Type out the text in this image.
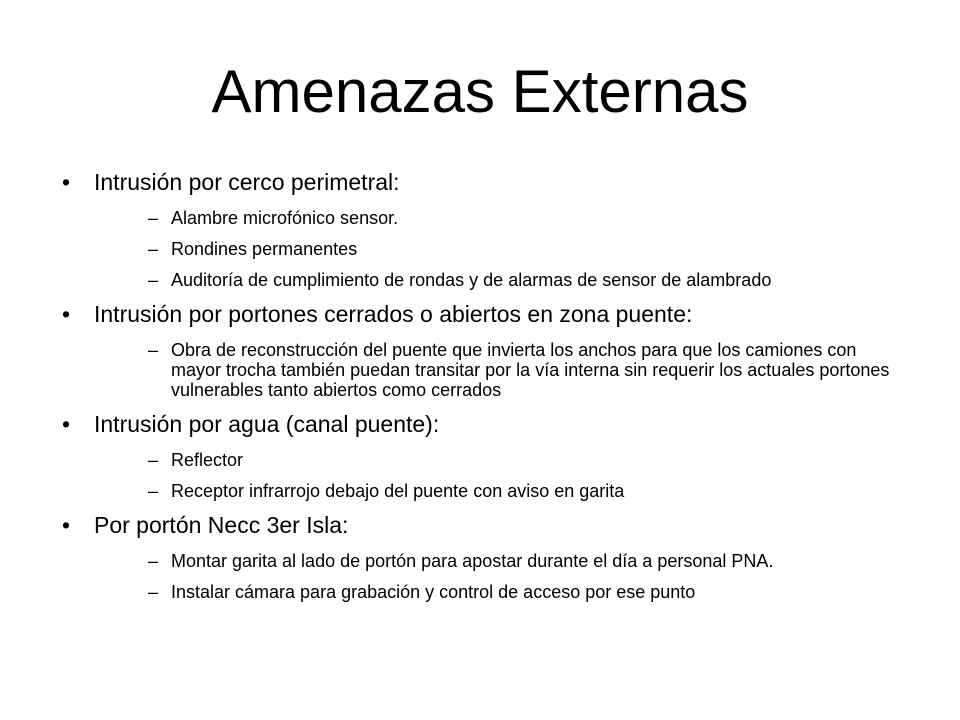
Amenazas Externas
• Intrusión por cerco perimetral:
– Alambre microfónico sensor.
– Rondines permanentes
– Auditoría de cumplimiento de rondas y de alarmas de sensor de alambrado
• Intrusión por portones cerrados o abiertos en zona puente:
– Obra de reconstrucción del puente que invierta los anchos para que los camiones con mayor trocha también puedan transitar por la vía interna sin requerir los actuales portones vulnerables tanto abiertos como cerrados
• Intrusión por agua (canal puente):
– Reflector
– Receptor infrarrojo debajo del puente con aviso en garita
• Por portón Necc 3er Isla:
– Montar garita al lado de portón para apostar durante el día a personal PNA.
– Instalar cámara para grabación y control de acceso por ese punto
